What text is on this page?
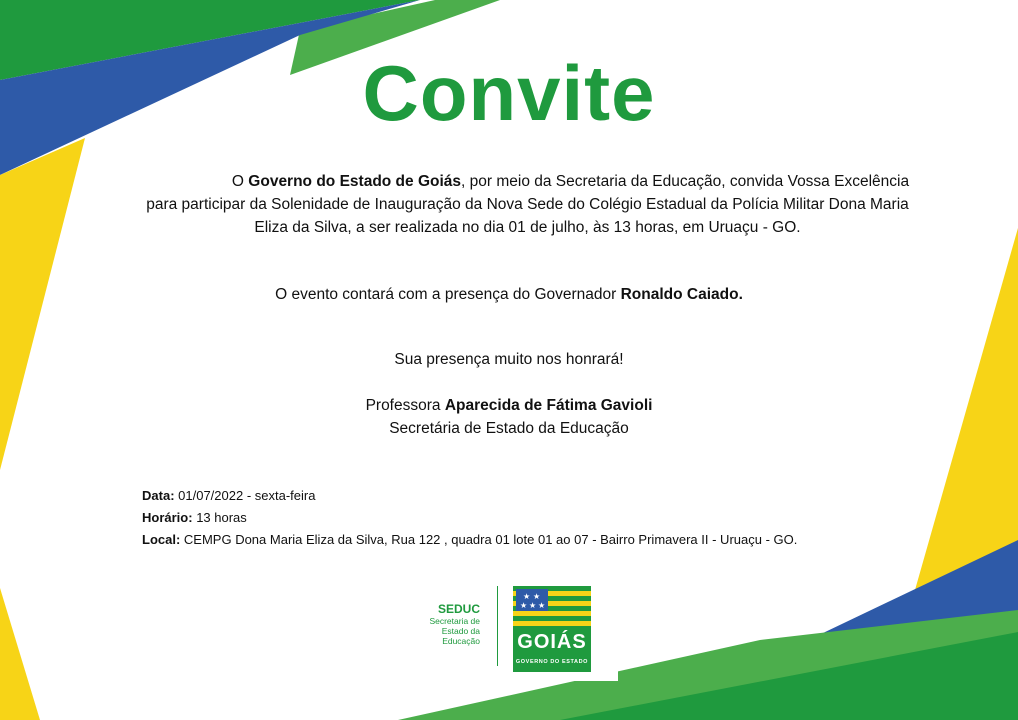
Convite
O Governo do Estado de Goiás, por meio da Secretaria da Educação, convida Vossa Excelência para participar da Solenidade de Inauguração da Nova Sede do Colégio Estadual da Polícia Militar Dona Maria Eliza da Silva, a ser realizada no dia 01 de julho, às 13 horas, em Uruaçu - GO.
O evento contará com a presença do Governador Ronaldo Caiado.
Sua presença muito nos honrará!
Professora Aparecida de Fátima Gavioli
Secretária de Estado da Educação
Data: 01/07/2022 - sexta-feira
Horário: 13 horas
Local: CEMPG Dona Maria Eliza da Silva, Rua 122 , quadra 01 lote 01 ao 07 - Bairro Primavera II - Uruaçu - GO.
SEDUC
Secretaria de
Estado da
Educação
★ ★
★ ★ ★
GOIÁS
GOVERNO DO ESTADO
